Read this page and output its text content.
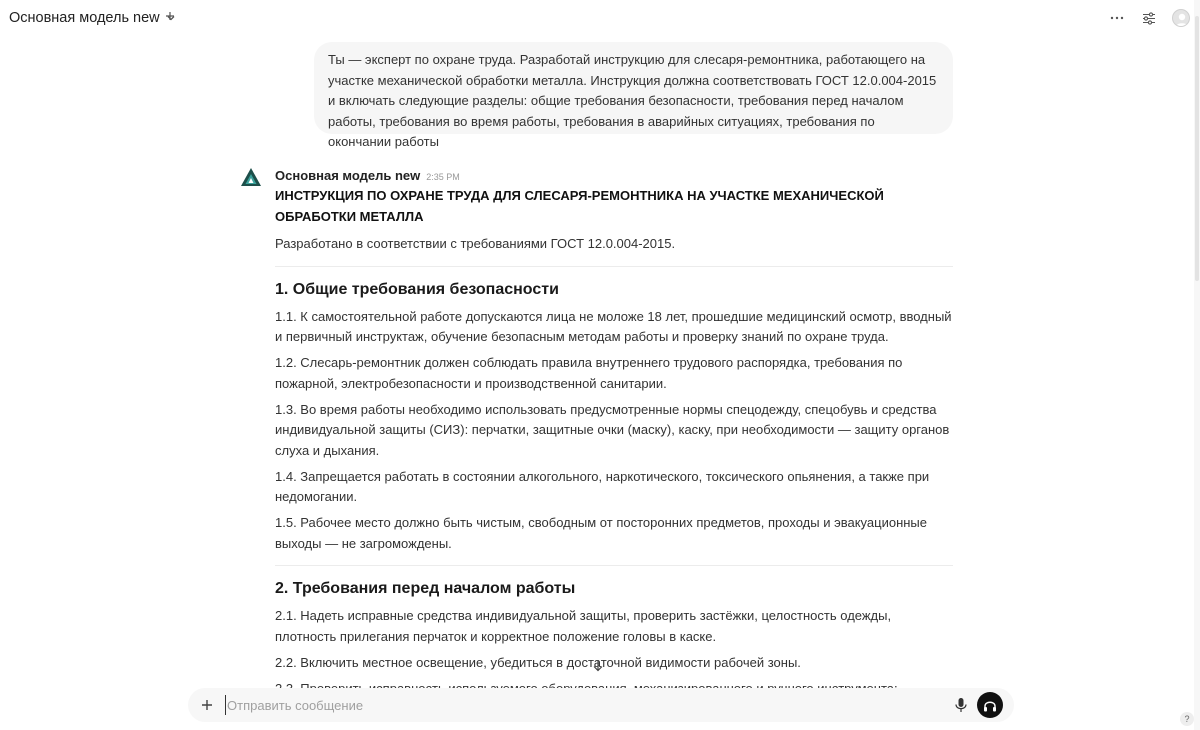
Основная модель new

Ты — эксперт по охране труда. Разработай инструкцию для слесаря-ремонтника, работающего на участке механической обработки металла. Инструкция должна соответствовать ГОСТ 12.0.004-2015 и включать следующие разделы: общие требования безопасности, требования перед началом работы, требования во время работы, требования в аварийных ситуациях, требования по окончании работы

Основная модель new 2:35 PM
ИНСТРУКЦИЯ ПО ОХРАНЕ ТРУДА ДЛЯ СЛЕСАРЯ-РЕМОНТНИКА НА УЧАСТКЕ МЕХАНИЧЕСКОЙ ОБРАБОТКИ МЕТАЛЛА
Разработано в соответствии с требованиями ГОСТ 12.0.004-2015.
1. Общие требования безопасности
1.1. К самостоятельной работе допускаются лица не моложе 18 лет, прошедшие медицинский осмотр, вводный и первичный инструктаж, обучение безопасным методам работы и проверку знаний по охране труда.
1.2. Слесарь-ремонтник должен соблюдать правила внутреннего трудового распорядка, требования по пожарной, электробезопасности и производственной санитарии.
1.3. Во время работы необходимо использовать предусмотренные нормы спецодежду, спецобувь и средства индивидуальной защиты (СИЗ): перчатки, защитные очки (маску), каску, при необходимости — защиту органов слуха и дыхания.
1.4. Запрещается работать в состоянии алкогольного, наркотического, токсического опьянения, а также при недомогании.
1.5. Рабочее место должно быть чистым, свободным от посторонних предметов, проходы и эвакуационные выходы — не загромождены.
2. Требования перед началом работы
2.1. Надеть исправные средства индивидуальной защиты, проверить застёжки, целостность одежды, плотность прилегания перчаток и корректное положение головы в каске.
2.2. Включить местное освещение, убедиться в достаточной видимости рабочей зоны.
Отправить сообщение
?
